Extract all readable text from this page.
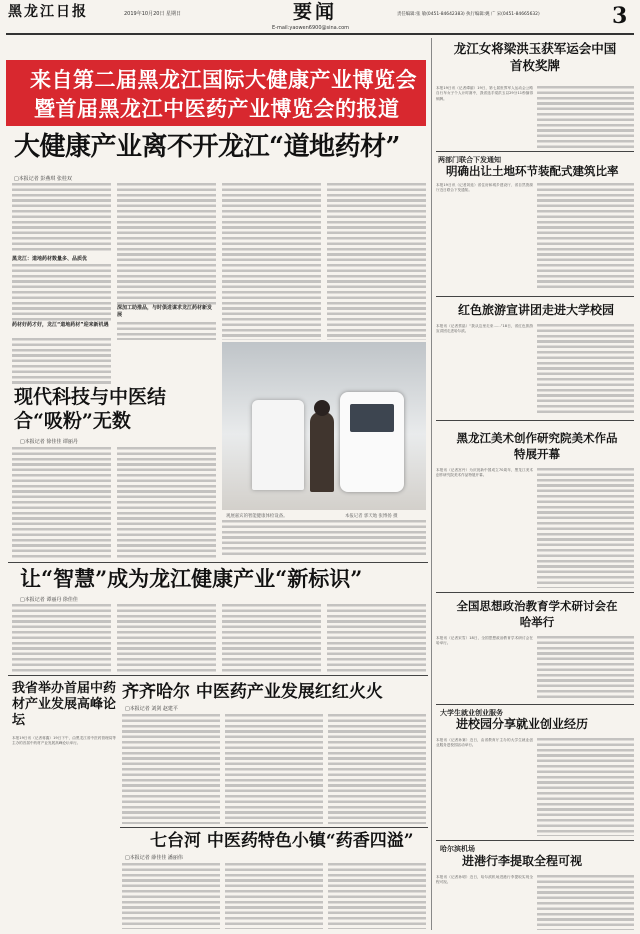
黑龙江日报	2019年10月20日 星期日	要闻
E-mail:yaowen6900@sina.com
责任编辑:张 敏(0451-84642383) 执行编辑:姚 广 宋(0451-84665632)	3
来自第二届黑龙江国际大健康产业博览会
暨首届黑龙江中医药产业博览会的报道
大健康产业离不开龙江“道地药材”
□本报记者 彭燕琪 张桂双
黑龙江：道地药材数量多、品质优
药材好药才好，龙江“道地药材”迎来新机遇
深加工助推品，与时俱进谋求龙江药材新发展
现代科技与中医结合“吸粉”无数
□本报记者 徐佳佳 谭丽丹
观展嘉宾的智能健康体检设备。	本报记者 郭天地 张博扬 摄
让“智慧”成为龙江健康产业“新标识”
□本报记者 谭丽丹 徐佳佳
我省举办首届中药材产业发展高峰论坛
本报19日讯（记者蒋鑫）19日下午，由黑龙江省中医药管理局等主办的首届中药材产业发展高峰论坛举行。
齐齐哈尔 中医药产业发展红红火火
□本报记者 刘剑 赵建平
七台河 中医药特色小镇“药香四溢”
□本报记者 薛佳佳 潘丽伟
龙江女将梁洪玉获军运会中国首枚奖牌
本报19日讯（记者谭丽）19日，第七届世界军人运动会公路自行车女子个人计时赛中，我省选手梁洪玉以29分11秒摘得铜牌。
两部门联合下发通知
明确出让土地环节装配式建筑比率
本报19日讯（记者刘延）省住房和城乡建设厅、省自然资源厅近日联合下发通知。
红色旅游宣讲团走进大学校园
本报讯（记者蔡晶）“我从这里走来……”18日，省红色旅游宣讲团走进哈尔滨。
黑龙江美术创作研究院美术作品特展开幕
本报讯（记者宫丹）为庆祝新中国成立70周年，黑龙江美术创作研究院美术作品特展开幕。
全国思想政治教育学术研讨会在哈举行
本报讯（记者宋雪）18日，全国思想政治教育学术研讨会在哈举行。
大学生就业创业服务
进校园分享就业创业经历
本报讯（记者孙赛）近日，由省教育厅主办的大学生就业创业服务进校园活动举行。
哈尔滨机场
进港行李提取全程可视
本报讯（记者孙明）近日，哈尔滨机场进港行李提取实现全程可视。
